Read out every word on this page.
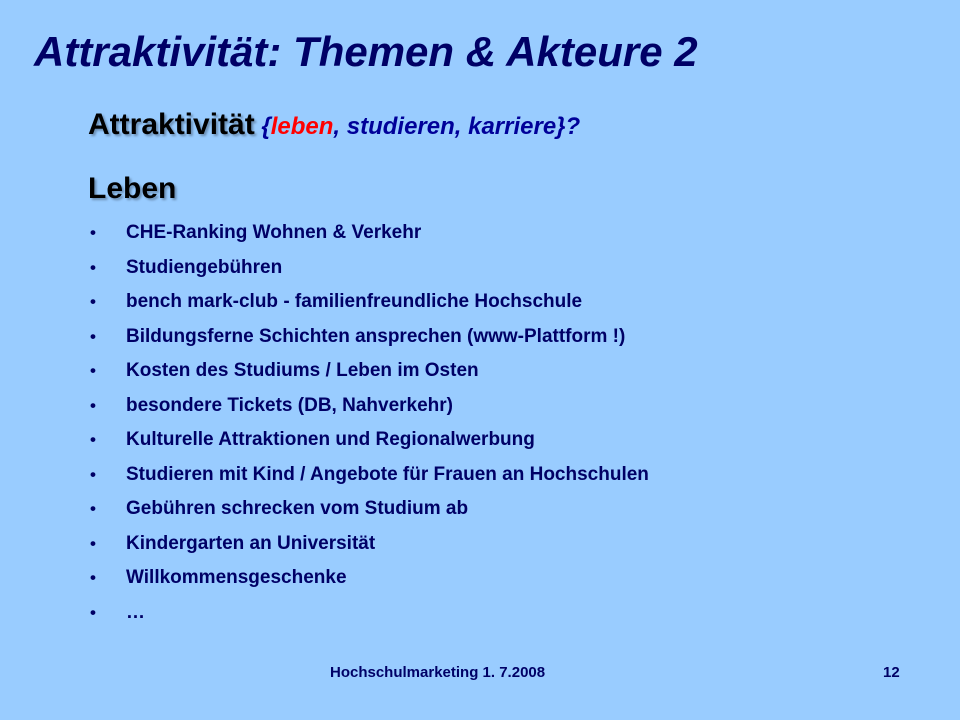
Attraktivität: Themen & Akteure 2
Attraktivität {leben, studieren, karriere}?
Leben
•	CHE-Ranking Wohnen & Verkehr
•	Studiengebühren
•	bench mark-club - familienfreundliche Hochschule
•	Bildungsferne Schichten ansprechen (www-Plattform !)
•	Kosten des Studiums / Leben im Osten
•	besondere Tickets (DB, Nahverkehr)
•	Kulturelle Attraktionen und Regionalwerbung
•	Studieren mit Kind / Angebote für Frauen an Hochschulen
•	Gebühren schrecken vom Studium ab
•	Kindergarten an Universität
•	Willkommensgeschenke
•	…
Hochschulmarketing 1. 7.2008	12
